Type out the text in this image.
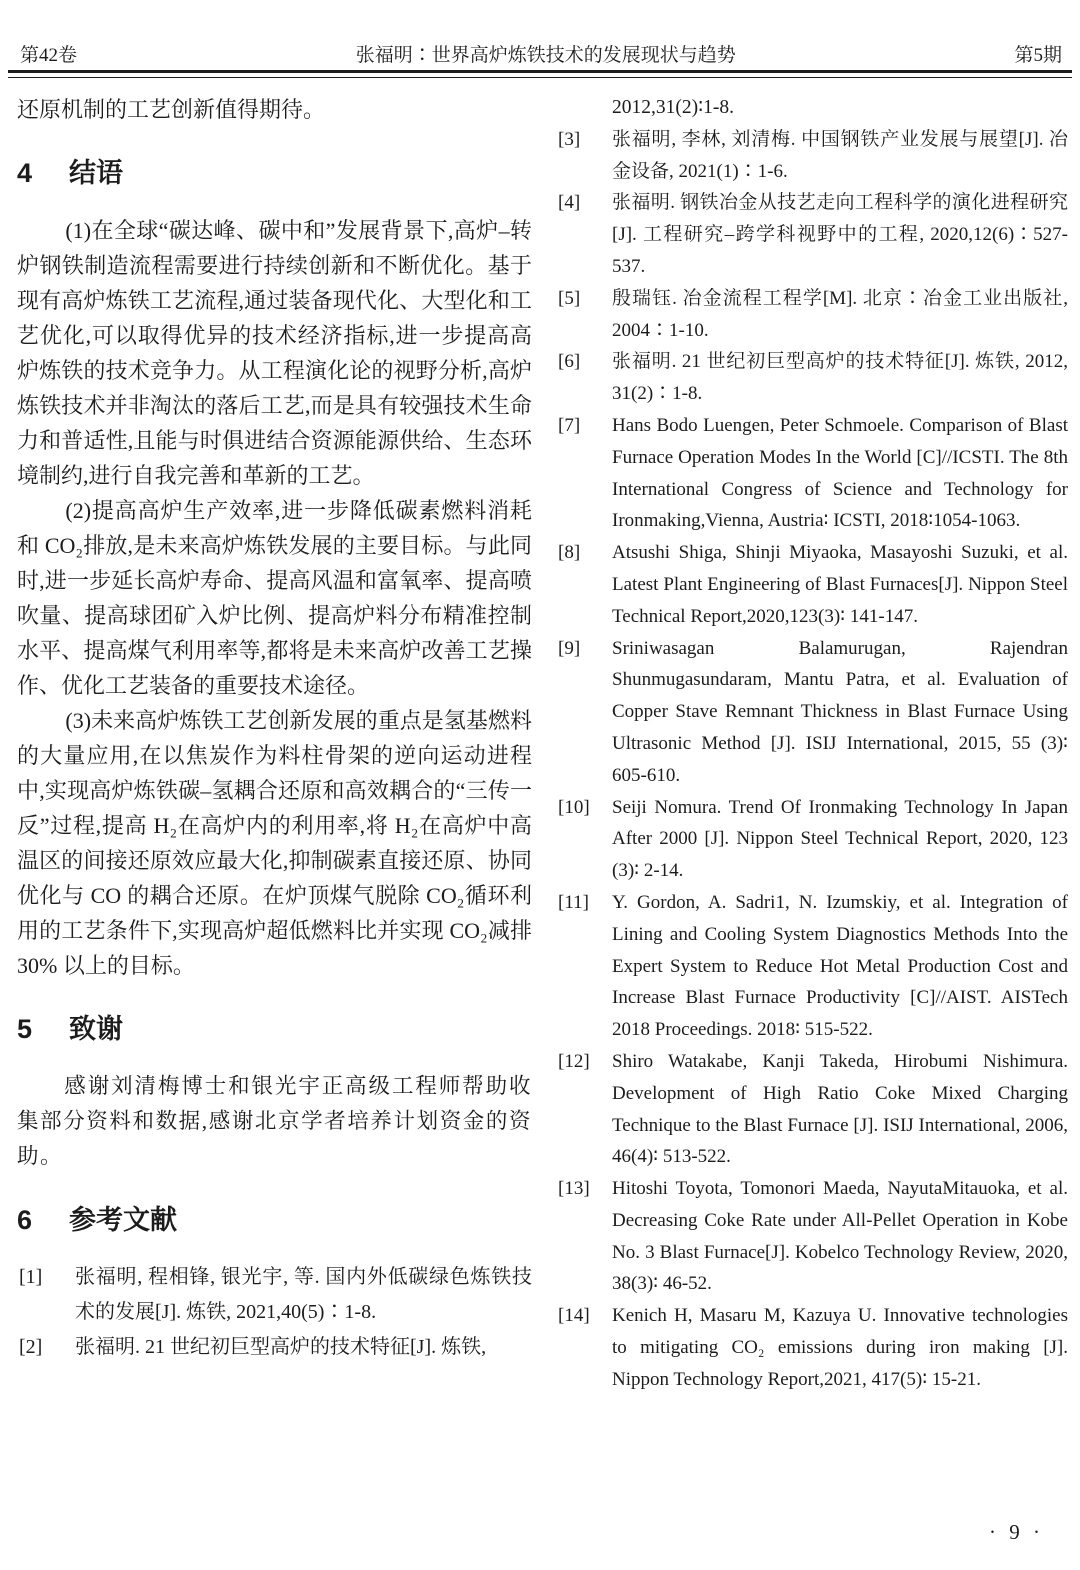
第42卷	张福明∶世界高炉炼铁技术的发展现状与趋势	第5期

还原机制的工艺创新值得期待。

4 结语

(1)在全球“碳达峰、碳中和”发展背景下,高炉–转炉钢铁制造流程需要进行持续创新和不断优化。基于现有高炉炼铁工艺流程,通过装备现代化、大型化和工艺优化,可以取得优异的技术经济指标,进一步提高高炉炼铁的技术竞争力。从工程演化论的视野分析,高炉炼铁技术并非淘汰的落后工艺,而是具有较强技术生命力和普适性,且能与时俱进结合资源能源供给、生态环境制约,进行自我完善和革新的工艺。

(2)提高高炉生产效率,进一步降低碳素燃料消耗和 CO₂排放,是未来高炉炼铁发展的主要目标。与此同时,进一步延长高炉寿命、提高风温和富氧率、提高喷吹量、提高球团矿入炉比例、提高炉料分布精准控制水平、提高煤气利用率等,都将是未来高炉改善工艺操作、优化工艺装备的重要技术途径。

(3)未来高炉炼铁工艺创新发展的重点是氢基燃料的大量应用,在以焦炭作为料柱骨架的逆向运动进程中,实现高炉炼铁碳–氢耦合还原和高效耦合的“三传一反”过程,提高 H₂在高炉内的利用率,将 H₂在高炉中高温区的间接还原效应最大化,抑制碳素直接还原、协同优化与 CO 的耦合还原。在炉顶煤气脱除 CO₂循环利用的工艺条件下,实现高炉超低燃料比并实现 CO₂减排 30% 以上的目标。

5 致谢

感谢刘清梅博士和银光宇正高级工程师帮助收集部分资料和数据,感谢北京学者培养计划资金的资助。

6 参考文献

[1] 张福明, 程相锋, 银光宇, 等. 国内外低碳绿色炼铁技术的发展[J]. 炼铁, 2021,40(5)∶1-8.

[2] 张福明. 21 世纪初巨型高炉的技术特征[J]. 炼铁,

2012,31(2)∶1-8.

[3] 张福明, 李林, 刘清梅. 中国钢铁产业发展与展望[J]. 冶金设备, 2021(1)∶1-6.

[4] 张福明. 钢铁冶金从技艺走向工程科学的演化进程研究[J]. 工程研究–跨学科视野中的工程, 2020,12(6)∶527-537.

[5] 殷瑞钰. 冶金流程工程学[M]. 北京∶冶金工业出版社, 2004∶1-10.

[6] 张福明. 21 世纪初巨型高炉的技术特征[J]. 炼铁, 2012, 31(2)∶1-8.

[7] Hans Bodo Luengen, Peter Schmoele. Comparison of Blast Furnace Operation Modes In the World [C]//ICSTI. The 8th International Congress of Science and Technology for Ironmaking,Vienna, Austria∶ ICSTI, 2018∶1054-1063.

[8] Atsushi Shiga, Shinji Miyaoka, Masayoshi Suzuki, et al. Latest Plant Engineering of Blast Furnaces[J]. Nippon Steel Technical Report,2020,123(3)∶ 141-147.

[9] Sriniwasagan Balamurugan, Rajendran Shunmugasundaram, Mantu Patra, et al. Evaluation of Copper Stave Remnant Thickness in Blast Furnace Using Ultrasonic Method [J]. ISIJ International, 2015, 55 (3)∶ 605-610.

[10] Seiji Nomura. Trend Of Ironmaking Technology In Japan After 2000 [J]. Nippon Steel Technical Report, 2020, 123 (3)∶ 2-14.

[11] Y. Gordon, A. Sadri1, N. Izumskiy, et al. Integration of Lining and Cooling System Diagnostics Methods Into the Expert System to Reduce Hot Metal Production Cost and Increase Blast Furnace Productivity [C]//AIST. AISTech 2018 Proceedings. 2018∶ 515-522.

[12] Shiro Watakabe, Kanji Takeda, Hirobumi Nishimura. Development of High Ratio Coke Mixed Charging Technique to the Blast Furnace [J]. ISIJ International, 2006, 46(4)∶ 513-522.

[13] Hitoshi Toyota, Tomonori Maeda, NayutaMitauoka, et al. Decreasing Coke Rate under All-Pellet Operation in Kobe No. 3 Blast Furnace[J]. Kobelco Technology Review, 2020, 38(3)∶ 46-52.

[14] Kenich H, Masaru M, Kazuya U. Innovative technologies to mitigating CO₂ emissions during iron making [J]. Nippon Technology Report,2021, 417(5)∶ 15-21.

· 9 ·
